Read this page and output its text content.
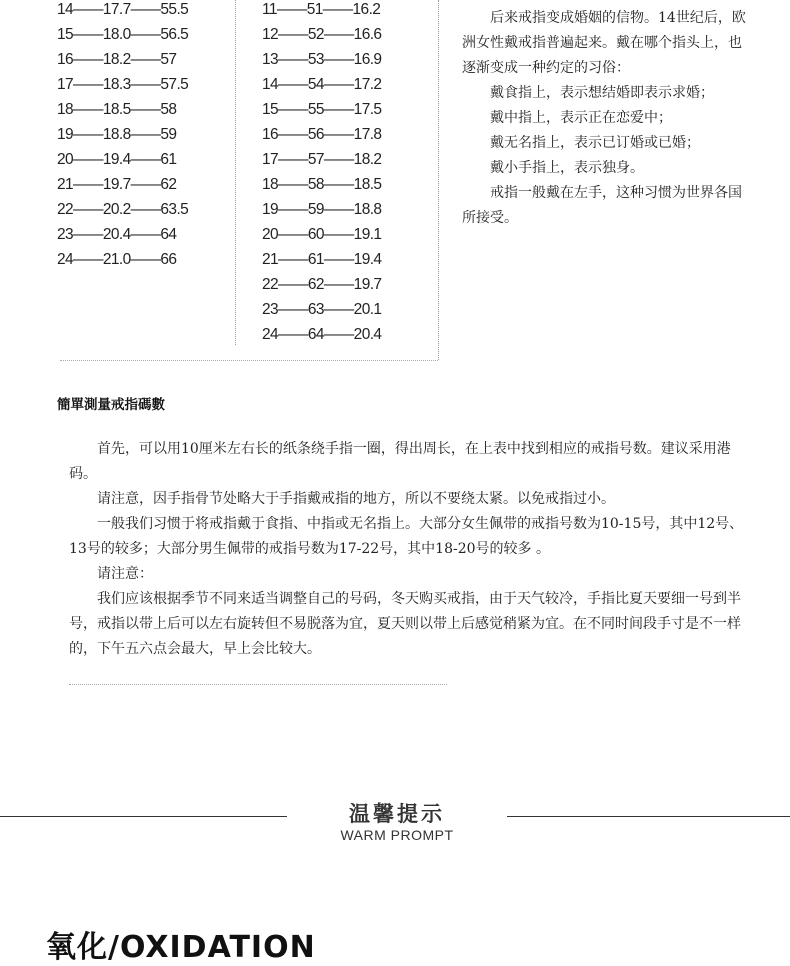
14——17.7——55.5
15——18.0——56.5
16——18.2——57
17——18.3——57.5
18——18.5——58
19——18.8——59
20——19.4——61
21——19.7——62
22——20.2——63.5
23——20.4——64
24——21.0——66
11——51——16.2
12——52——16.6
13——53——16.9
14——54——17.2
15——55——17.5
16——56——17.8
17——57——18.2
18——58——18.5
19——59——18.8
20——60——19.1
21——61——19.4
22——62——19.7
23——63——20.1
24——64——20.4

后来戒指变成婚姻的信物。14世纪后，欧洲女性戴戒指普遍起来。戴在哪个指头上，也逐渐变成一种约定的习俗：

戴食指上，表示想结婚即表示求婚；

戴中指上，表示正在恋爱中；

戴无名指上，表示已订婚或已婚；

戴小手指上，表示独身。

戒指一般戴在左手，这种习惯为世界各国所接受。

簡單測量戒指碼數

首先，可以用10厘米左右长的纸条绕手指一圈，得出周长，在上表中找到相应的戒指号数。建议采用港码。

请注意，因手指骨节处略大于手指戴戒指的地方，所以不要绕太紧。以免戒指过小。

一般我们习惯于将戒指戴于食指、中指或无名指上。大部分女生佩带的戒指号数为10-15号，其中12号、13号的较多；大部分男生佩带的戒指号数为17-22号，其中18-20号的较多 。

请注意：

我们应该根据季节不同来适当调整自己的号码，冬天购买戒指，由于天气较冷，手指比夏天要细一号到半号，戒指以带上后可以左右旋转但不易脱落为宜，夏天则以带上后感觉稍紧为宜。在不同时间段手寸是不一样的，下午五六点会最大，早上会比较大。

温馨提示
WARM PROMPT
氧化/OXIDATION
